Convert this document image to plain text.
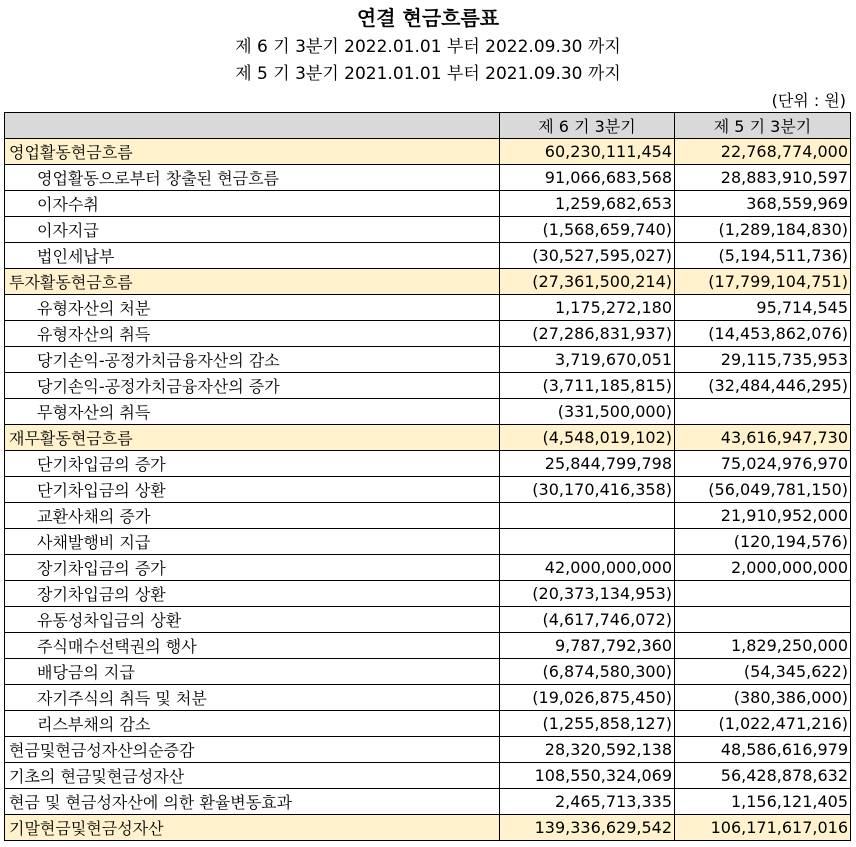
연결 현금흐름표
제 6 기 3분기 2022.01.01 부터 2022.09.30 까지
제 5 기 3분기 2021.01.01 부터 2021.09.30 까지
(단위 : 원)
	제 6 기 3분기	제 5 기 3분기
영업활동현금흐름	60,230,111,454	22,768,774,000
영업활동으로부터 창출된 현금흐름	91,066,683,568	28,883,910,597
이자수취	1,259,682,653	368,559,969
이자지급	(1,568,659,740)	(1,289,184,830)
법인세납부	(30,527,595,027)	(5,194,511,736)
투자활동현금흐름	(27,361,500,214)	(17,799,104,751)
유형자산의 처분	1,175,272,180	95,714,545
유형자산의 취득	(27,286,831,937)	(14,453,862,076)
당기손익-공정가치금융자산의 감소	3,719,670,051	29,115,735,953
당기손익-공정가치금융자산의 증가	(3,711,185,815)	(32,484,446,295)
무형자산의 취득	(331,500,000)	
재무활동현금흐름	(4,548,019,102)	43,616,947,730
단기차입금의 증가	25,844,799,798	75,024,976,970
단기차입금의 상환	(30,170,416,358)	(56,049,781,150)
교환사채의 증가		21,910,952,000
사채발행비 지급		(120,194,576)
장기차입금의 증가	42,000,000,000	2,000,000,000
장기차입금의 상환	(20,373,134,953)	
유동성차입금의 상환	(4,617,746,072)	
주식매수선택권의 행사	9,787,792,360	1,829,250,000
배당금의 지급	(6,874,580,300)	(54,345,622)
자기주식의 취득 및 처분	(19,026,875,450)	(380,386,000)
리스부채의 감소	(1,255,858,127)	(1,022,471,216)
현금및현금성자산의순증감	28,320,592,138	48,586,616,979
기초의 현금및현금성자산	108,550,324,069	56,428,878,632
현금 및 현금성자산에 의한 환율변동효과	2,465,713,335	1,156,121,405
기말현금및현금성자산	139,336,629,542	106,171,617,016
